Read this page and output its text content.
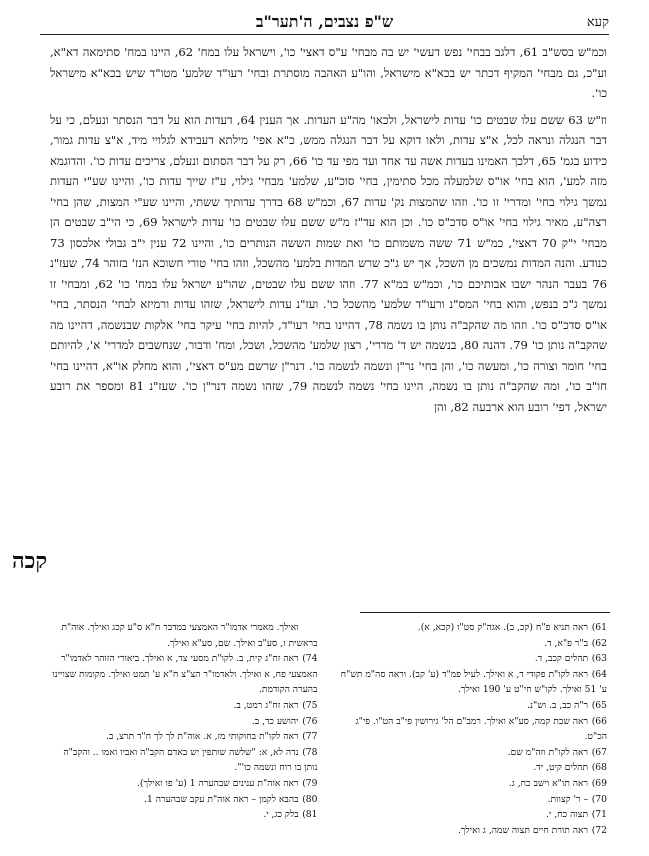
קעא
ש"פ נצבים, ה'תער"ב

וכמ"ש בסש"ב 61, דלגב בבחי' נפש דעשי' יש בה מבחי' ע"ס דאצי' כו', וישראל עלו במח' 62, היינו במח' סתימאה דא"א, וע"כ, גם מבחי' המקיף דכתר יש בכא"א מישראל, והו"ע האהבה מוסתרת ובחי' רעו"ד שלמע' מטו"ד שיש בכא"א מישראל כו'.

וז"ש 63 ששם עלו שבטים כו' עדות לישראל, ולכאו' מה"ע העדות. אך הענין 64, דעדות הוא על דבר הנסתר ונעלם, כי על דבר הנגלה ונראה לכל, א"צ עדות, ולאו דוקא על דבר הנגלה ממש, כ"א אפי' מילתא דעבידא לגלויי מיד, א"צ עדות גמור, כידוע בגמ' 65, דלכך האמינו בעדות אשה עד אחד ועד מפי עד כו' 66, רק על דבר הסתום ונעלם, צריכים עדות כו'. והדוגמא מזה למע', הוא בחי' או"ס שלמעלה מכל סתימין, בחי' סוכ"ע, שלמע' מבחי' גילוי, ע"ז שייך עדות כו', והיינו שע"י העדות נמשך גילוי בחי' ומדרי' זו כו'. וזהו שהמצות נק' עדות 67, וכמ"ש 68 בדרך עדותיך ששתי, והיינו שע"י המצות, שהן בחי' רצה"ע, מאיר גילוי בחי' או"ס סדכ"ס כו'. וכן הוא עד"ז מ"ש ששם עלו שבטים כו' עדות לישראל 69, כי הי"ב שבטים הן מבחי' י"ק 70 דאצי', כמ"ש 71 ששה משמותם כו' ואת שמות הששה הנותרים כו', והיינו 72 ענין י"ב גבולי אלכסון 73 כנודע. והנה המדות נמשכים מן השכל, אך יש ג"כ שרש המדות בלמע' מהשכל, וזהו בחי' טורי חשוכא הנז' בזוהר 74, שעז"נ 76 בעבר הנהר ישבו אבותיכם כו', וכמ"ש במ"א 77. וזהו ששם עלו שבטים, שהו"ע ישראל עלו במח' כו' 62, ומבחי' זו נמשך ג"כ בנפש, והוא בחי' המס"נ ורעו"ד שלמע' מהשכל כו'. ועז"נ עדות לישראל, שזהו עדות ורמיזא לבחי' הנסתר, בחי' או"ס סדכ"ס כו'. וזהו מה שהקב"ה נותן בו נשמה 78, דהיינו בחי' רעו"ד, להיות בחי' עיקר בחי' אלקות שבנשמה, דהיינו מה שהקב"ה נותן כו' 79. דהנה 80, בנשמה יש ד' מדרי', רצון שלמע' מהשכל, ושכל, ומח' ודבור, שנחשבים למדרי' א', להיותם בחי' חומר וצורה כו', ומעשה כו', והן בחי' נר"ן ונשמה לנשמה כו'. דנר"ן שרשם מע"ס דאצי', והוא מחלק או"א, דהיינו בחי' חו"ב כו', ומה שהקב"ה נותן בו נשמה, היינו בחי' נשמה לנשמה 79, שזהו נשמה דנר"ן כו'. שעז"נ 81 ומספר את רובע ישראל, דפי' רובע הוא ארבעה 82, והן

קכה
61) ראה תניא פ"ח (קכ, ב). אגה"ק סט"ו (קכא, א).
62) ב"ר פ"א, ד.
63) תהלים קכב, ד.
64) ראה לקו"ת פקודי ד, א ואילך. לעיל פמ"ד (ע' קב). וראה סה"מ תש"ח ע' 51 ואילך. לקו"ש חי"ט ע' 190 ואילך.
65) ר"ה כב, ב. וש"נ.
66) ראה שבת קמה, סע"א ואילך. רמב"ם הל' גירושין פי"ב הט"ו. פי"ג הכ"ט.
67) ראה לקו"ת וזה"מ שם.
68) תהלים קיט, יד.
69) ראה תו"א וישב כח, ג.
70) – ר' קצוות.
71) תצוה כח, י.
72) ראה תורת חיים תצוה שמה, ג ואילך.
ואילך. מאמרי אדמו"ר האמצעי במדבר ח"א ס"ע קכג ואילך. אוה"ת בראשית ז, סע"ב ואילך. שם, סע"א ואילך.
74) ראה זח"ג קית, ב. לקו"ת מסעי צד, א ואילך. ביאורי הזוהר לאדמו"ר האמצעי פח, א ואילך. ולאדמו"ר הצ"צ ח"א ע' תמט ואילך. מקומות שצויינו בהערה הקודמת.
75) ראה זח"ג רמט, ב.
76) יהושע כד, ב.
77) ראה לקו"ת בחוקותי מז, א. אוה"ת לך לך ח"ד תרצ, ב.
78) נדה לא, א: "שלשה שותפין יש באדם הקב"ה ואביו ואמו .. והקב"ה נותן בו רוח ונשמה כו'".
79) ראה אוה"ת ענינים שבהערה 1 (ע' פו ואילך).
80) בהבא לקמן – ראה אוה"ת עקב שבהערה 1.
81) בלק כג, י.
